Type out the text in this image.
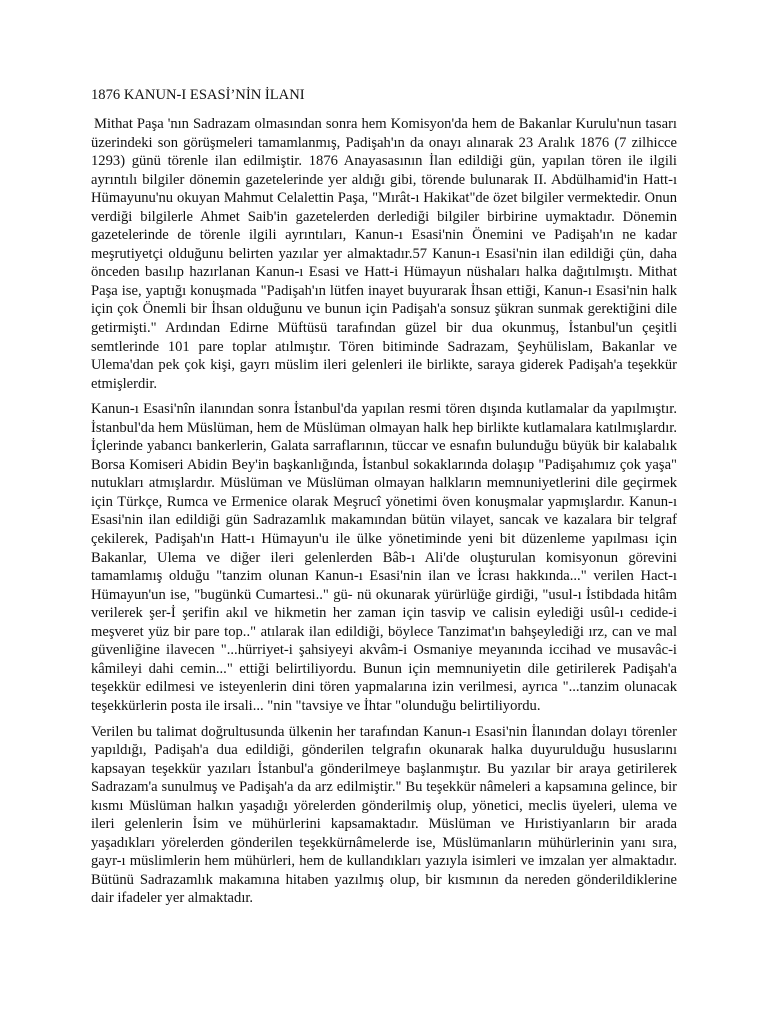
1876 KANUN-I ESASİ’NİN İLANI

Mithat Paşa 'nın Sadrazam olmasından sonra hem Komisyon'da hem de Bakanlar Kurulu'nun tasarı üzerindeki son görüşmeleri tamamlanmış, Padişah'ın da onayı alınarak 23 Aralık 1876 (7 zilhicce 1293) günü törenle ilan edilmiştir. 1876 Anayasasının İlan edildiği gün, yapılan tören ile ilgili ayrıntılı bilgiler dönemin gazetelerinde yer aldığı gibi, törende bulunarak II. Abdülhamid'in Hatt-ı Hümayunu'nu okuyan Mahmut Celalettin Paşa, "Mırât-ı Hakikat"de özet bilgiler vermektedir. Onun verdiği bilgilerle Ahmet Saib'in gazetelerden derlediği bilgiler birbirine uymaktadır. Dönemin gazetelerinde de törenle ilgili ayrıntıları, Kanun-ı Esasi'nin Önemini ve Padişah'ın ne kadar meşrutiyetçi olduğunu belirten yazılar yer almaktadır.57 Kanun-ı Esasi'nin ilan edildiği çün, daha önceden basılıp hazırlanan Kanun-ı Esasi ve Hatt-i Hümayun nüshaları halka dağıtılmıştı. Mithat Paşa ise, yaptığı konuşmada "Padişah'ın lütfen inayet buyurarak İhsan ettiği, Kanun-ı Esasi'nin halk için çok Önemli bir İhsan olduğunu ve bunun için Padişah'a sonsuz şükran sunmak gerektiğini dile getirmişti." Ardından Edirne Müftüsü tarafından güzel bir dua okunmuş, İstanbul'un çeşitli semtlerinde 101 pare toplar atılmıştır. Tören bitiminde Sadrazam, Şeyhülislam, Bakanlar ve Ulema'dan pek çok kişi, gayrı müslim ileri gelenleri ile birlikte, saraya giderek Padişah'a teşekkür etmişlerdir.

Kanun-ı Esasi'nîn ilanından sonra İstanbul'da yapılan resmi tören dışında kutlamalar da yapılmıştır. İstanbul'da hem Müslüman, hem de Müslüman olmayan halk hep birlikte kutlamalara katılmışlardır. İçlerinde yabancı bankerlerin, Galata sarraflarının, tüccar ve esnafın bulunduğu büyük bir kalabalık Borsa Komiseri Abidin Bey'in başkanlığında, İstanbul sokaklarında dolaşıp "Padişahımız çok yaşa" nutukları atmışlardır. Müslüman ve Müslüman olmayan halkların memnuniyetlerini dile geçirmek için Türkçe, Rumca ve Ermenice olarak Meşrucî yönetimi öven konuşmalar yapmışlardır. Kanun-ı Esasi'nin ilan edildiği gün Sadrazamlık makamından bütün vilayet, sancak ve kazalara bir telgraf çekilerek, Padişah'ın Hatt-ı Hümayun'u ile ülke yönetiminde yeni bit düzenleme yapılması için Bakanlar, Ulema ve diğer ileri gelenlerden Bâb-ı Ali'de oluşturulan komisyonun görevini tamamlamış olduğu "tanzim olunan Kanun-ı Esasi'nin ilan ve İcrası hakkında..." verilen Hact-ı Hümayun'un ise, "bugünkü Cumartesi.." gü- nü okunarak yürürlüğe girdiği, "usul-ı İstibdada hitâm verilerek şer-İ şerifin akıl ve hikmetin her zaman için tasvip ve calisin eylediği usûl-ı cedide-i meşveret yüz bir pare top.." atılarak ilan edildiği, böylece Tanzimat'ın bahşeylediği ırz, can ve mal güvenliğine ilavecen "...hürriyet-i şahsiyeyi akvâm-i Osmaniye meyanında iccihad ve musavâc-i kâmileyi dahi cemin..." ettiği belirtiliyordu. Bunun için memnuniyetin dile getirilerek Padişah'a teşekkür edilmesi ve isteyenlerin dini tören yapmalarına izin verilmesi, ayrıca "...tanzim olunacak teşekkürlerin posta ile irsali... "nin "tavsiye ve İhtar "olunduğu belirtiliyordu.

Verilen bu talimat doğrultusunda ülkenin her tarafından Kanun-ı Esasi'nin İlanından dolayı törenler yapıldığı, Padişah'a dua edildiği, gönderilen telgrafın okunarak halka duyurulduğu hususlarını kapsayan teşekkür yazıları İstanbul'a gönderilmeye başlanmıştır. Bu yazılar bir araya getirilerek Sadrazam'a sunulmuş ve Padişah'a da arz edilmiştir." Bu teşekkür nâmeleri a kapsamına gelince, bir kısmı Müslüman halkın yaşadığı yörelerden gönderilmiş olup, yönetici, meclis üyeleri, ulema ve ileri gelenlerin İsim ve mühürlerini kapsamaktadır. Müslüman ve Hıristiyanların bir arada yaşadıkları yörelerden gönderilen teşekkürnâmelerde ise, Müslümanların mühürlerinin yanı sıra, gayr-ı müslimlerin hem mühürleri, hem de kullandıkları yazıyla isimleri ve imzalan yer almaktadır. Bütünü Sadrazamlık makamına hitaben yazılmış olup, bir kısmının da nereden gönderildiklerine dair ifadeler yer almaktadır.
